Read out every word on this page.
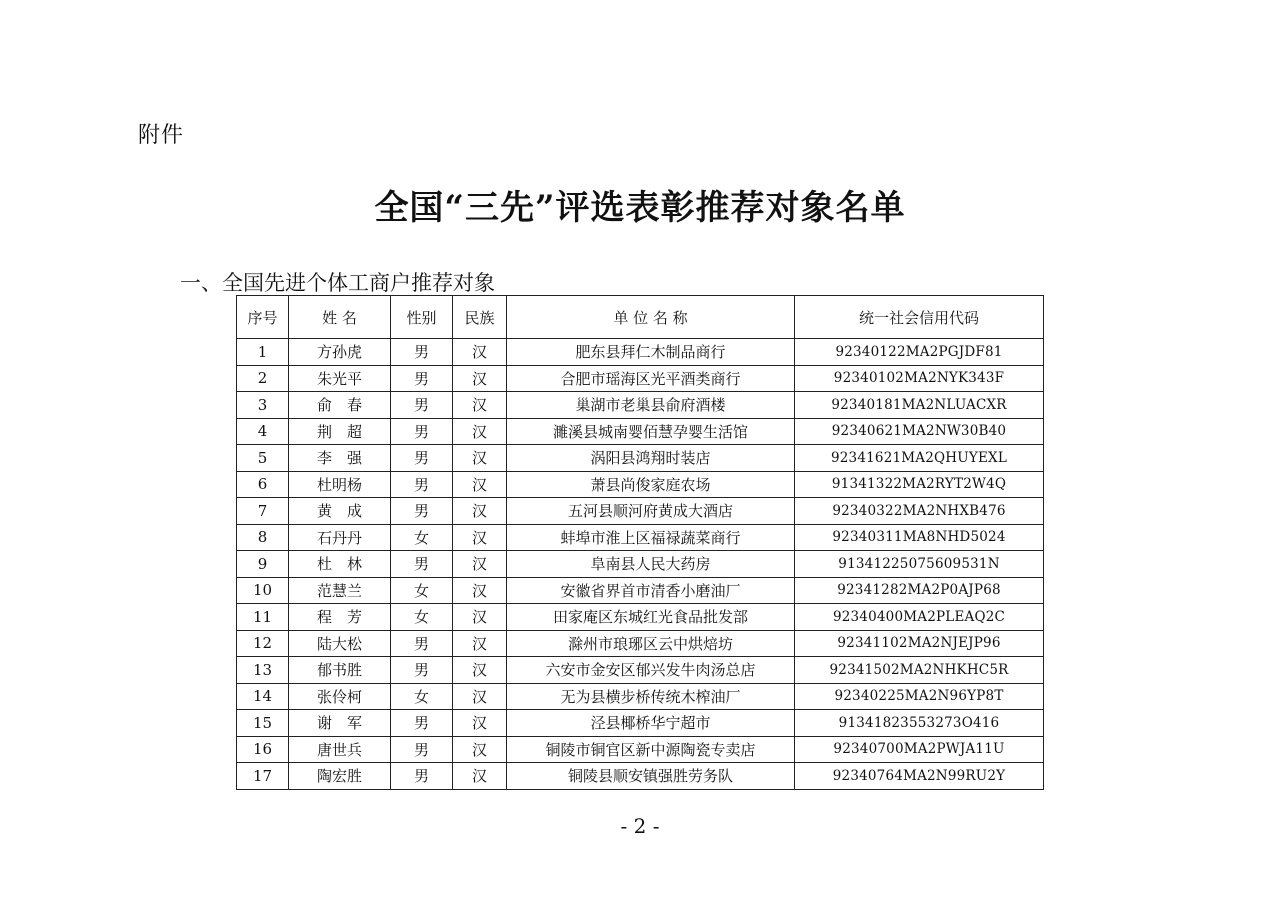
附件
全国“三先”评选表彰推荐对象名单
一、全国先进个体工商户推荐对象
序号	姓 名	性别	民族	单 位 名 称	统一社会信用代码
1	方孙虎	男	汉	肥东县拜仁木制品商行	92340122MA2PGJDF81
2	朱光平	男	汉	合肥市瑶海区光平酒类商行	92340102MA2NYK343F
3	俞　春	男	汉	巢湖市老巢县俞府酒楼	92340181MA2NLUACXR
4	荆　超	男	汉	濉溪县城南婴佰慧孕婴生活馆	92340621MA2NW30B40
5	李　强	男	汉	涡阳县鸿翔时装店	92341621MA2QHUYEXL
6	杜明杨	男	汉	萧县尚俊家庭农场	91341322MA2RYT2W4Q
7	黄　成	男	汉	五河县顺河府黄成大酒店	92340322MA2NHXB476
8	石丹丹	女	汉	蚌埠市淮上区福禄蔬菜商行	92340311MA8NHD5024
9	杜　林	男	汉	阜南县人民大药房	91341225075609531N
10	范慧兰	女	汉	安徽省界首市清香小磨油厂	92341282MA2P0AJP68
11	程　芳	女	汉	田家庵区东城红光食品批发部	92340400MA2PLEAQ2C
12	陆大松	男	汉	滁州市琅琊区云中烘焙坊	92341102MA2NJEJP96
13	郁书胜	男	汉	六安市金安区郁兴发牛肉汤总店	92341502MA2NHKHC5R
14	张伶柯	女	汉	无为县横步桥传统木榨油厂	92340225MA2N96YP8T
15	谢　军	男	汉	泾县椰桥华宁超市	91341823553273O416
16	唐世兵	男	汉	铜陵市铜官区新中源陶瓷专卖店	92340700MA2PWJA11U
17	陶宏胜	男	汉	铜陵县顺安镇强胜劳务队	92340764MA2N99RU2Y
- 2 -
